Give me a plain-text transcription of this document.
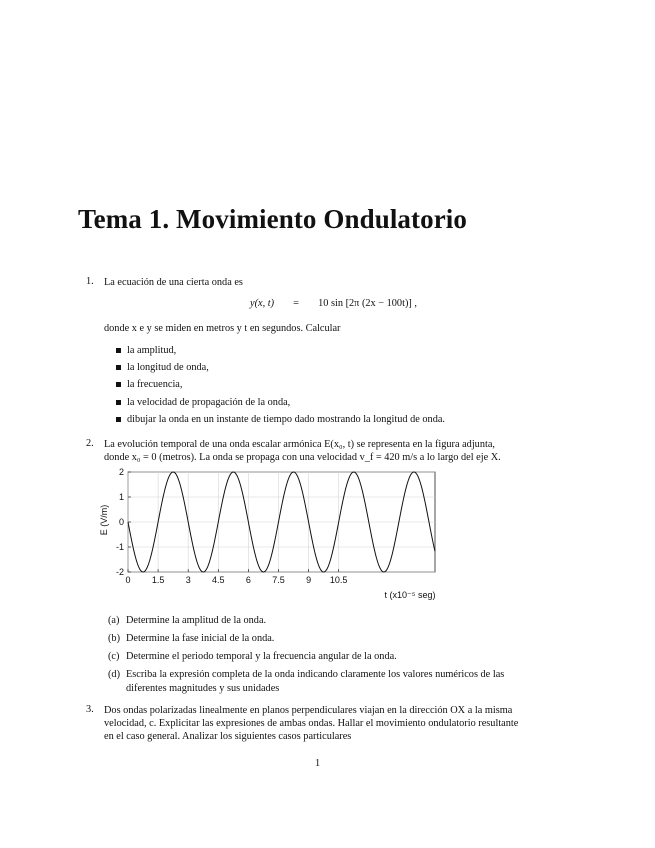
Tema 1. Movimiento Ondulatorio
1. La ecuación de una cierta onda es
y(x, t) = 10 sin [2π (2x − 100t)] ,
donde x e y se miden en metros y t en segundos. Calcular
la amplitud,
la longitud de onda,
la frecuencia,
la velocidad de propagación de la onda,
dibujar la onda en un instante de tiempo dado mostrando la longitud de onda.
2. La evolución temporal de una onda escalar armónica E(x₀, t) se representa en la figura adjunta,
donde x₀ = 0 (metros). La onda se propaga con una velocidad v_f = 420 m/s a lo largo del eje X.
0 1.5 3 4.5 6 7.5 9 10.5
2
1
0
-1
-2
E (V/m)
t (x10⁻⁵ seg)
(a) Determine la amplitud de la onda.
(b) Determine la fase inicial de la onda.
(c) Determine el periodo temporal y la frecuencia angular de la onda.
(d) Escriba la expresión completa de la onda indicando claramente los valores numéricos de las
diferentes magnitudes y sus unidades
3. Dos ondas polarizadas linealmente en planos perpendiculares viajan en la dirección OX a la misma
velocidad, c. Explicitar las expresiones de ambas ondas. Hallar el movimiento ondulatorio resultante
en el caso general. Analizar los siguientes casos particulares
1
